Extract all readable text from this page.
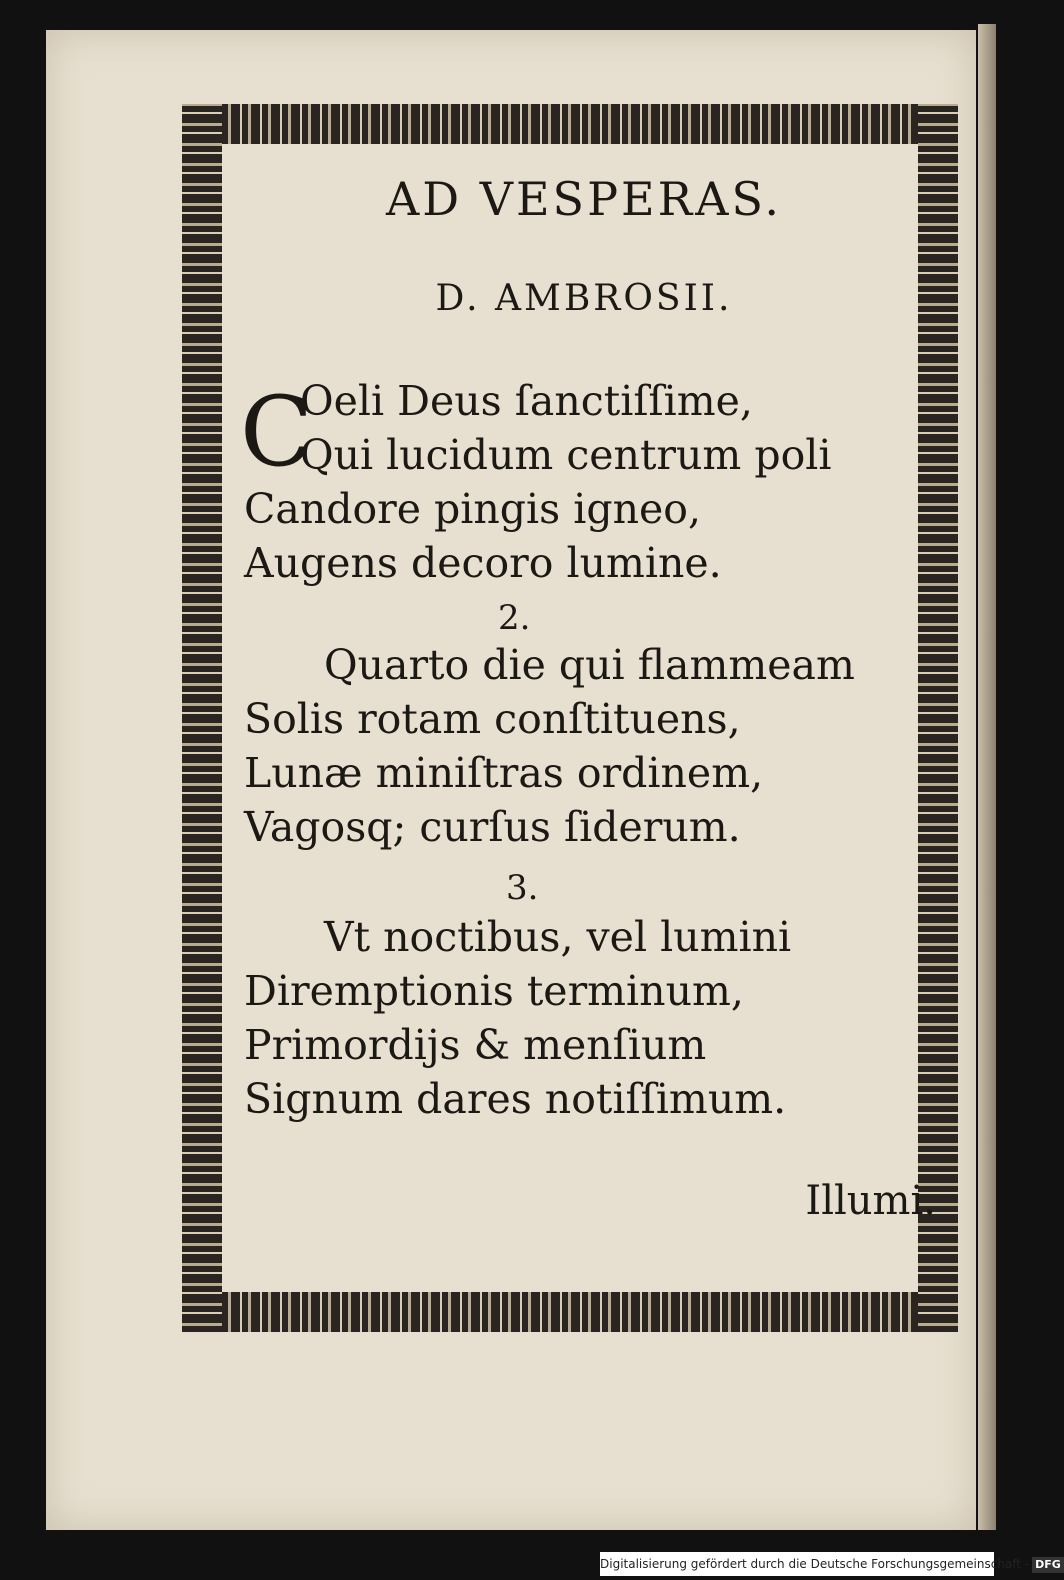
AD VESPERAS.
D. AMBROSII.
C
Oeli Deus ſanctiſſime,
Qui lucidum centrum poli
Candore pingis igneo,
Augens decoro lumine.
2.
Quarto die qui flammeam
Solis rotam conſtituens,
Lunæ miniſtras ordinem,
Vagosq; curſus ſiderum.
3.
Vt noctibus, vel lumini
Diremptionis terminum,
Primordijs & menſium
Signum dares notiſſimum.
Illumi.
Digitalisierung gefördert durch die Deutsche Forschungsgemeinschaft - DFG
